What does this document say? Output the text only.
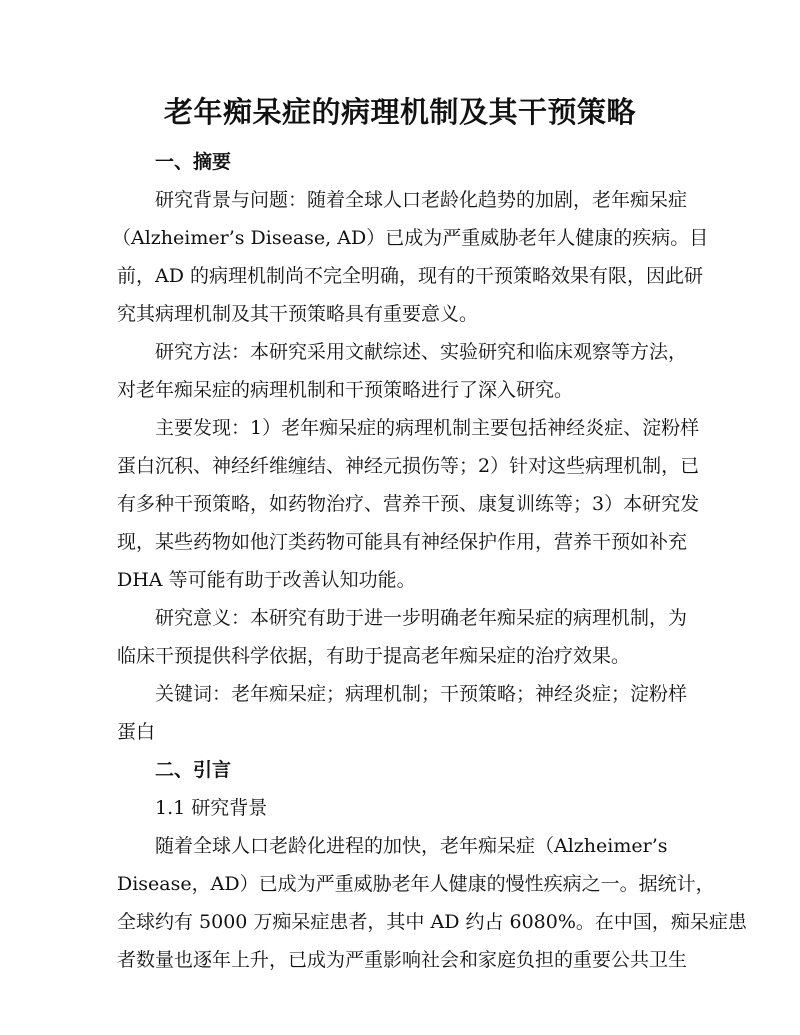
老年痴呆症的病理机制及其干预策略
一、摘要
研究背景与问题：随着全球人口老龄化趋势的加剧，老年痴呆症
（Alzheimer’s Disease, AD）已成为严重威胁老年人健康的疾病。目
前，AD 的病理机制尚不完全明确，现有的干预策略效果有限，因此研
究其病理机制及其干预策略具有重要意义。
研究方法：本研究采用文献综述、实验研究和临床观察等方法，
对老年痴呆症的病理机制和干预策略进行了深入研究。
主要发现：1）老年痴呆症的病理机制主要包括神经炎症、淀粉样
蛋白沉积、神经纤维缠结、神经元损伤等；2）针对这些病理机制，已
有多种干预策略，如药物治疗、营养干预、康复训练等；3）本研究发
现，某些药物如他汀类药物可能具有神经保护作用，营养干预如补充
DHA 等可能有助于改善认知功能。
研究意义：本研究有助于进一步明确老年痴呆症的病理机制，为
临床干预提供科学依据，有助于提高老年痴呆症的治疗效果。
关键词：老年痴呆症；病理机制；干预策略；神经炎症；淀粉样
蛋白
二、引言
1.1 研究背景
随着全球人口老龄化进程的加快，老年痴呆症（Alzheimer’s
Disease，AD）已成为严重威胁老年人健康的慢性疾病之一。据统计，
全球约有 5000 万痴呆症患者，其中 AD 约占 6080%。在中国，痴呆症患
者数量也逐年上升，已成为严重影响社会和家庭负担的重要公共卫生
